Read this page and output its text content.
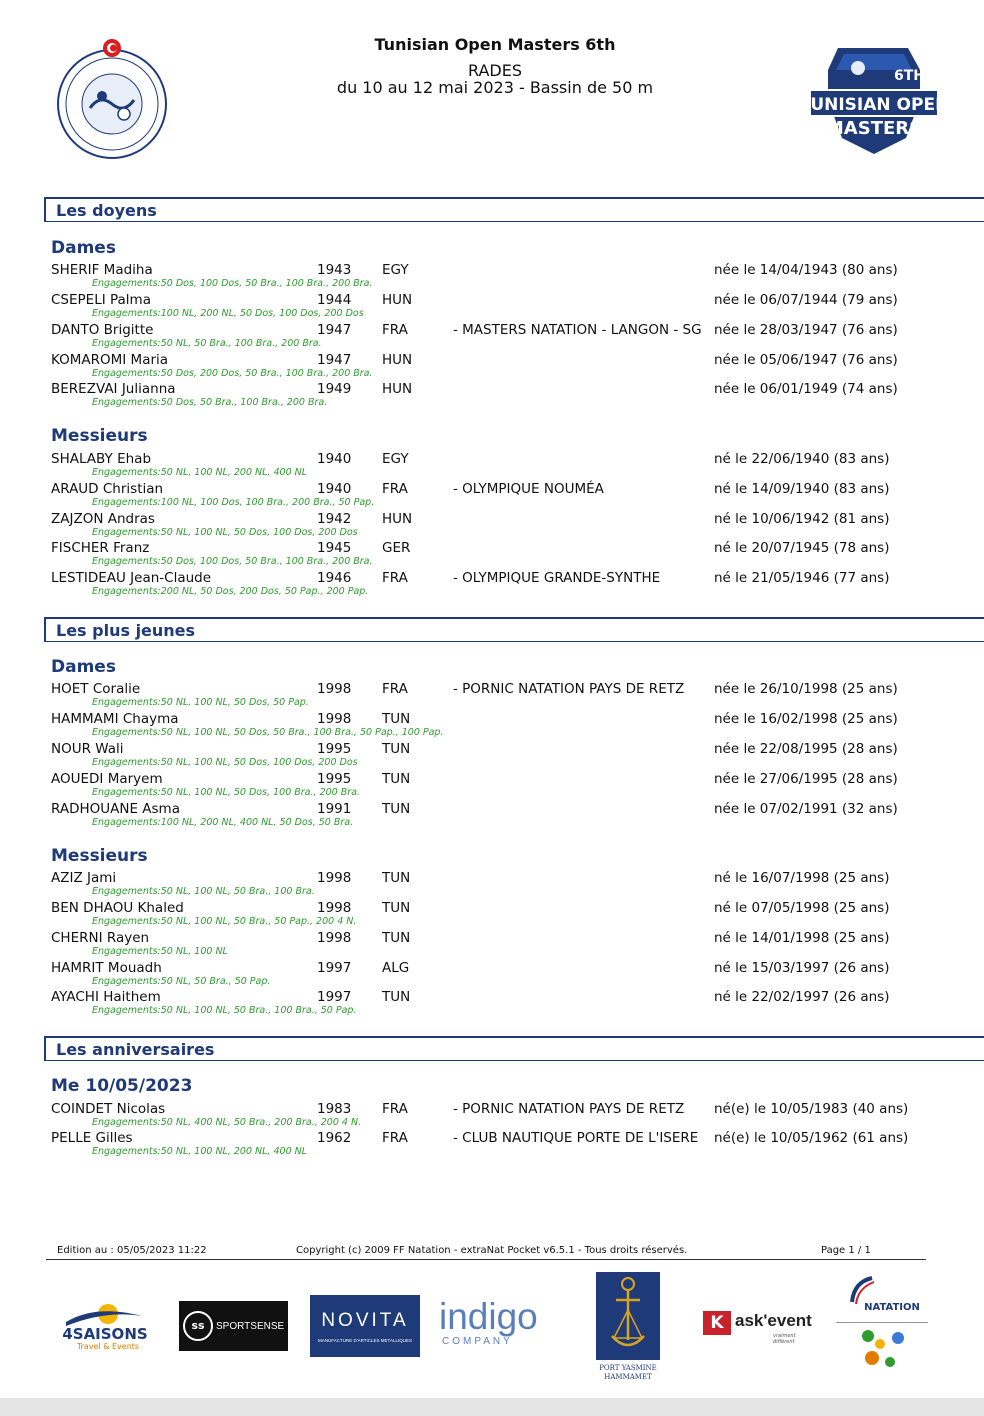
6TH
TUNISIAN OPEN
MASTERS
Tunisian Open Masters 6th
RADES
du 10 au 12 mai 2023 - Bassin de 50 m
Les doyens
Dames
SHERIF Madiha	1943 EGY	née le 14/04/1943 (80 ans)
Engagements:50 Dos, 100 Dos, 50 Bra., 100 Bra., 200 Bra.
CSEPELI Palma	1944 HUN	née le 06/07/1944 (79 ans)
Engagements:100 NL, 200 NL, 50 Dos, 100 Dos, 200 Dos
DANTO Brigitte	1947 FRA	- MASTERS NATATION - LANGON - SG née le 28/03/1947 (76 ans)
Engagements:50 NL, 50 Bra., 100 Bra., 200 Bra.
KOMAROMI Maria	1947 HUN	née le 05/06/1947 (76 ans)
Engagements:50 Dos, 200 Dos, 50 Bra., 100 Bra., 200 Bra.
BEREZVAI Julianna	1949 HUN	née le 06/01/1949 (74 ans)
Engagements:50 Dos, 50 Bra., 100 Bra., 200 Bra.
Messieurs
SHALABY Ehab	1940 EGY	né le 22/06/1940 (83 ans)
Engagements:50 NL, 100 NL, 200 NL, 400 NL
ARAUD Christian	1940 FRA	- OLYMPIQUE NOUMÉA	né le 14/09/1940 (83 ans)
Engagements:100 NL, 100 Dos, 100 Bra., 200 Bra., 50 Pap.
ZAJZON Andras	1942 HUN	né le 10/06/1942 (81 ans)
Engagements:50 NL, 100 NL, 50 Dos, 100 Dos, 200 Dos
FISCHER Franz	1945 GER	né le 20/07/1945 (78 ans)
Engagements:50 Dos, 100 Dos, 50 Bra., 100 Bra., 200 Bra.
LESTIDEAU Jean-Claude	1946 FRA	- OLYMPIQUE GRANDE-SYNTHE	né le 21/05/1946 (77 ans)
Engagements:200 NL, 50 Dos, 200 Dos, 50 Pap., 200 Pap.
Les plus jeunes
Dames
HOET Coralie	1998 FRA	- PORNIC NATATION PAYS DE RETZ née le 26/10/1998 (25 ans)
Engagements:50 NL, 100 NL, 50 Dos, 50 Pap.
HAMMAMI Chayma	1998 TUN	née le 16/02/1998 (25 ans)
Engagements:50 NL, 100 NL, 50 Dos, 50 Bra., 100 Bra., 50 Pap., 100 Pap.
NOUR Wali	1995 TUN	née le 22/08/1995 (28 ans)
Engagements:50 NL, 100 NL, 50 Dos, 100 Dos, 200 Dos
AOUEDI Maryem	1995 TUN	née le 27/06/1995 (28 ans)
Engagements:50 NL, 100 NL, 50 Dos, 100 Bra., 200 Bra.
RADHOUANE Asma	1991 TUN	née le 07/02/1991 (32 ans)
Engagements:100 NL, 200 NL, 400 NL, 50 Dos, 50 Bra.
Messieurs
AZIZ Jami	1998 TUN	né le 16/07/1998 (25 ans)
Engagements:50 NL, 100 NL, 50 Bra., 100 Bra.
BEN DHAOU Khaled	1998 TUN	né le 07/05/1998 (25 ans)
Engagements:50 NL, 100 NL, 50 Bra., 50 Pap., 200 4 N.
CHERNI Rayen	1998 TUN	né le 14/01/1998 (25 ans)
Engagements:50 NL, 100 NL
HAMRIT Mouadh	1997 ALG	né le 15/03/1997 (26 ans)
Engagements:50 NL, 50 Bra., 50 Pap.
AYACHI Haithem	1997 TUN	né le 22/02/1997 (26 ans)
Engagements:50 NL, 100 NL, 50 Bra., 100 Bra., 50 Pap.
Les anniversaires
Me 10/05/2023
COINDET Nicolas	1983 FRA	- PORNIC NATATION PAYS DE RETZ né(e) le 10/05/1983 (40 ans)
Engagements:50 NL, 400 NL, 50 Bra., 200 Bra., 200 4 N.
PELLE Gilles	1962 FRA	- CLUB NAUTIQUE PORTE DE L'ISERE né(e) le 10/05/1962 (61 ans)
Engagements:50 NL, 100 NL, 200 NL, 400 NL
Edition au : 05/05/2023 11:22	Copyright (c) 2009 FF Natation - extraNat Pocket v6.5.1 - Tous droits réservés.	Page 1 / 1
4SAISONS
Travel & Events
ss	SPORTSENSE	NOVITA
MANUFACTURE D'ARTICLES METALLIQUES
indigo
COMPANY
PORT YASMINE
HAMMAMET
K ask'event
vraiment différent
NATATION
